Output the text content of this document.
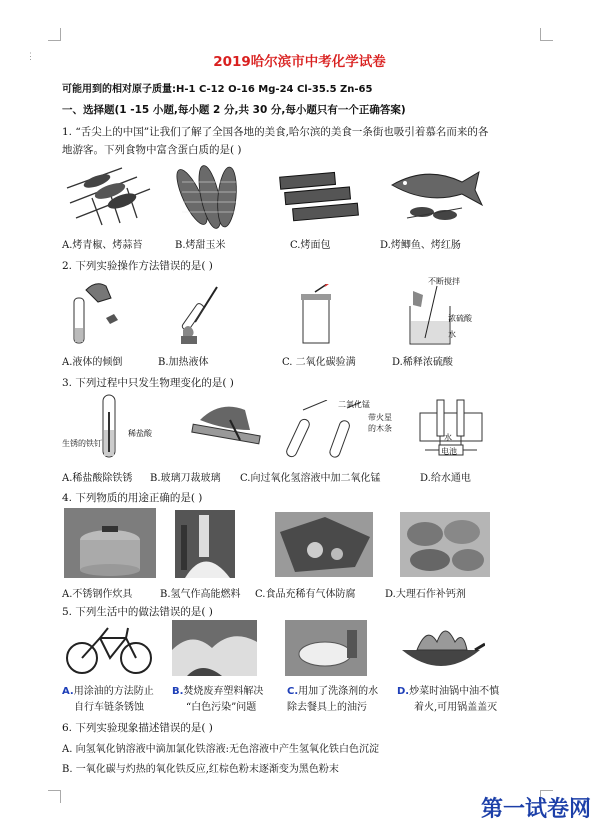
⋮	2019哈尔滨市中考化学试卷
可能用到的相对原子质量:H-1 C-12 O-16 Mg-24 Cl-35.5 Zn-65
一、选择题(1 -15 小题,每小题 2 分,共 30 分,每小题只有一个正确答案)
1. “舌尖上的中国”让我们了解了全国各地的美食,哈尔滨的美食一条街也吸引着慕名而来的各
地游客。下列食物中富含蛋白质的是( )
A.烤青椒、烤蒜苔	B.烤甜玉米	C.烤面包	D.烤鲫鱼、烤红肠
2. 下列实验操作方法错误的是( )
不断搅拌
浓硫酸
水
A.液体的倾倒	B.加热液体	C. 二氧化碳验满	D.稀释浓硫酸
3. 下列过程中只发生物理变化的是( )
稀盐酸
生锈的铁钉
二氧化锰
带火星
的木条
水
电池
A.稀盐酸除铁锈 B.玻璃刀裁玻璃 C.向过氧化氢溶液中加二氧化锰	D.给水通电
4. 下列物质的用途正确的是( )
A.不锈钢作炊具	B.氢气作高能燃料 C.食品充稀有气体防腐	D.大理石作补钙剂
5. 下列生活中的做法错误的是( )
A.用涂油的方法防止
自行车链条锈蚀
B.焚烧废弃塑料解决
“白色污染”问题
C.用加了洗涤剂的水
除去餐具上的油污
D.炒菜时油锅中油不慎
着火,可用锅盖盖灭
6. 下列实验现象描述错误的是( )
A. 向氢氧化钠溶液中滴加氯化铁溶液:无色溶液中产生氢氧化铁白色沉淀
B. 一氧化碳与灼热的氧化铁反应,红棕色粉末逐渐变为黑色粉末
第一试卷网
